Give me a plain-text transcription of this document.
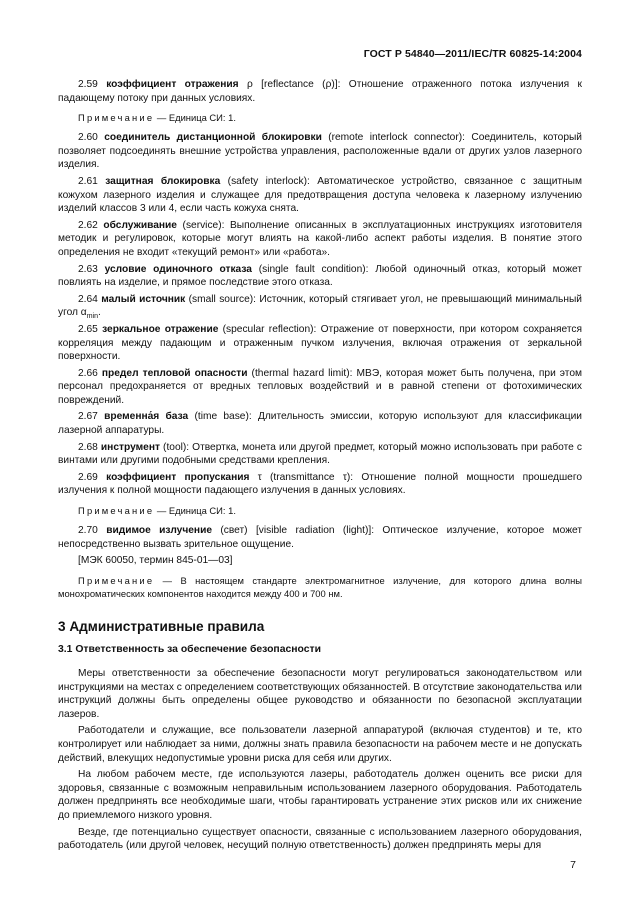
ГОСТ Р 54840—2011/IEC/TR 60825-14:2004

2.59 коэффициент отражения ρ [reflectance (ρ)]: Отношение отраженного потока излучения к падающему потоку при данных условиях.

Примечание — Единица СИ: 1.

2.60 соединитель дистанционной блокировки (remote interlock connector): Соединитель, который позволяет подсоединять внешние устройства управления, расположенные вдали от других узлов лазерного изделия.

2.61 защитная блокировка (safety interlock): Автоматическое устройство, связанное с защитным кожухом лазерного изделия и служащее для предотвращения доступа человека к лазерному излучению изделий классов 3 или 4, если часть кожуха снята.

2.62 обслуживание (service): Выполнение описанных в эксплуатационных инструкциях изготовителя методик и регулировок, которые могут влиять на какой-либо аспект работы изделия. В понятие этого определения не входит «текущий ремонт» или «работа».

2.63 условие одиночного отказа (single fault condition): Любой одиночный отказ, который может повлиять на изделие, и прямое последствие этого отказа.

2.64 малый источник (small source): Источник, который стягивает угол, не превышающий минимальный угол $\alpha_{min}$.

2.65 зеркальное отражение (specular reflection): Отражение от поверхности, при котором сохраняется корреляция между падающим и отраженным пучком излучения, включая отражения от зеркальной поверхности.

2.66 предел тепловой опасности (thermal hazard limit): МВЭ, которая может быть получена, при этом персонал предохраняется от вредных тепловых воздействий и в равной степени от фотохимических повреждений.

2.67 временна́я база (time base): Длительность эмиссии, которую используют для классификации лазерной аппаратуры.

2.68 инструмент (tool): Отвертка, монета или другой предмет, который можно использовать при работе с винтами или другими подобными средствами крепления.

2.69 коэффициент пропускания τ (transmittance τ): Отношение полной мощности прошедшего излучения к полной мощности падающего излучения в данных условиях.

Примечание — Единица СИ: 1.

2.70 видимое излучение (свет) [visible radiation (light)]: Оптическое излучение, которое может непосредственно вызвать зрительное ощущение.

[МЭК 60050, термин 845-01—03]

Примечание — В настоящем стандарте электромагнитное излучение, для которого длина волны монохроматических компонентов находится между 400 и 700 нм.

3 Административные правила
3.1 Ответственность за обеспечение безопасности

Меры ответственности за обеспечение безопасности могут регулироваться законодательством или инструкциями на местах с определением соответствующих обязанностей. В отсутствие законодательства или инструкций должны быть определены общее руководство и обязанности по безопасной эксплуатации лазеров.

Работодатели и служащие, все пользователи лазерной аппаратурой (включая студентов) и те, кто контролирует или наблюдает за ними, должны знать правила безопасности на рабочем месте и не допускать действий, влекущих недопустимые уровни риска для себя или других.

На любом рабочем месте, где используются лазеры, работодатель должен оценить все риски для здоровья, связанные с возможным неправильным использованием лазерного оборудования. Работодатель должен предпринять все необходимые шаги, чтобы гарантировать устранение этих рисков или их снижение до приемлемого низкого уровня.

Везде, где потенциально существует опасности, связанные с использованием лазерного оборудования, работодатель (или другой человек, несущий полную ответственность) должен предпринять меры для

7
